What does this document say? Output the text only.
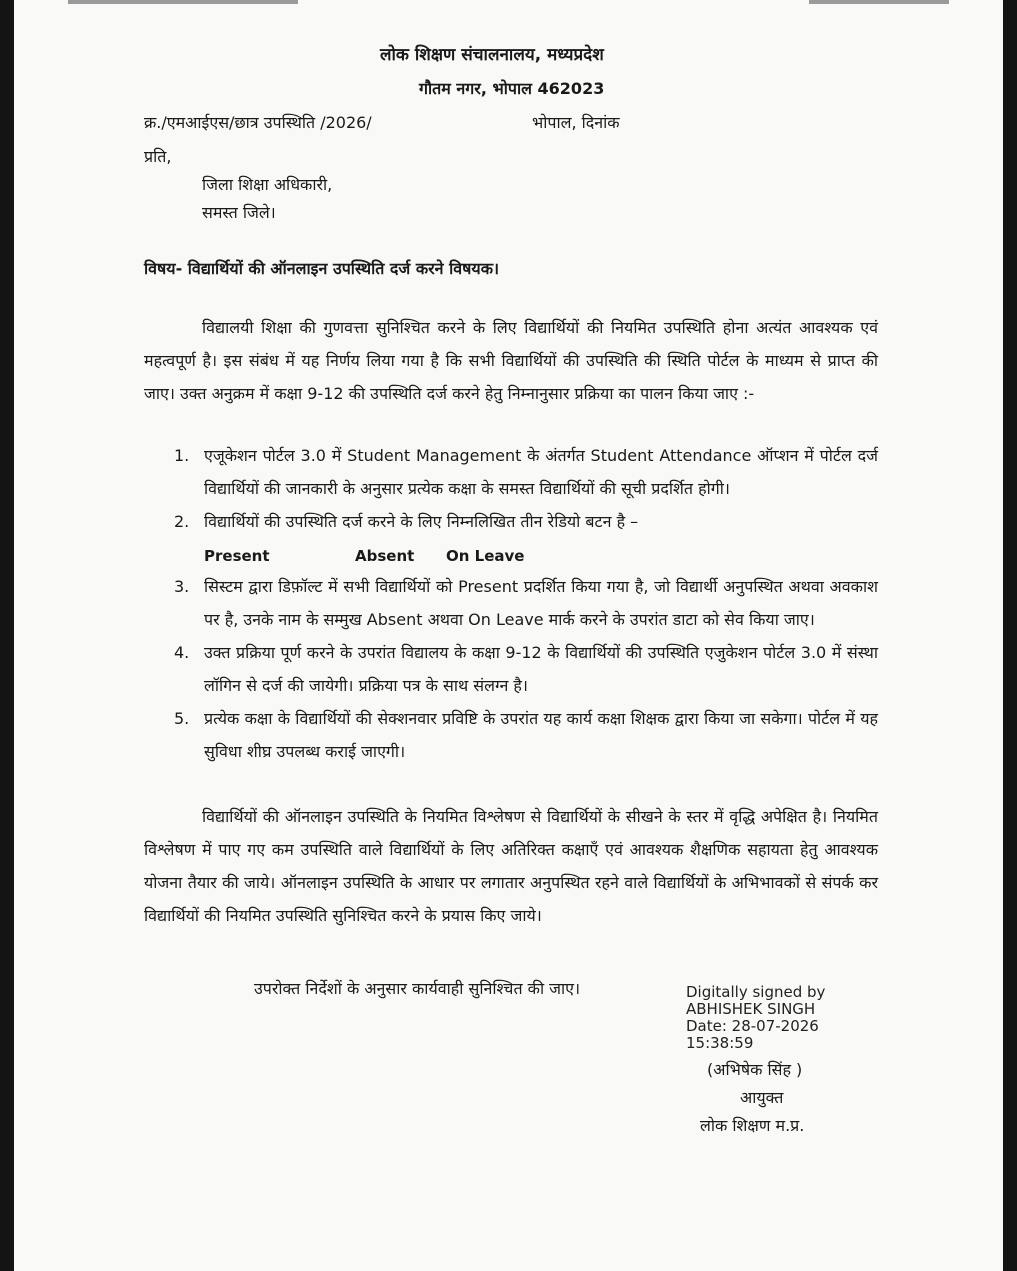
लोक शिक्षण संचालनालय, मध्यप्रदेश
गौतम नगर, भोपाल 462023
क्र./एमआईएस/छात्र उपस्थिति /2026/	भोपाल, दिनांक
प्रति,
जिला शिक्षा अधिकारी,
समस्त जिले।
विषय- विद्यार्थियों की ऑनलाइन उपस्थिति दर्ज करने विषयक।

विद्यालयी शिक्षा की गुणवत्ता सुनिश्चित करने के लिए विद्यार्थियों की नियमित उपस्थिति होना अत्यंत आवश्यक एवं महत्वपूर्ण है। इस संबंध में यह निर्णय लिया गया है कि सभी विद्यार्थियों की उपस्थिति की स्थिति पोर्टल के माध्यम से प्राप्त की जाए। उक्त अनुक्रम में कक्षा 9-12 की उपस्थिति दर्ज करने हेतु निम्नानुसार प्रक्रिया का पालन किया जाए :-

1. एजूकेशन पोर्टल 3.0 में Student Management के अंतर्गत Student Attendance ऑप्शन में पोर्टल दर्ज विद्यार्थियों की जानकारी के अनुसार प्रत्येक कक्षा के समस्त विद्यार्थियों की सूची प्रदर्शित होगी।
2. विद्यार्थियों की उपस्थिति दर्ज करने के लिए निम्नलिखित तीन रेडियो बटन है –
Present	Absent On Leave
3. सिस्टम द्वारा डिफ़ॉल्ट में सभी विद्यार्थियों को Present प्रदर्शित किया गया है, जो विद्यार्थी अनुपस्थित अथवा अवकाश पर है, उनके नाम के सम्मुख Absent अथवा On Leave मार्क करने के उपरांत डाटा को सेव किया जाए।
4. उक्त प्रक्रिया पूर्ण करने के उपरांत विद्यालय के कक्षा 9-12 के विद्यार्थियों की उपस्थिति एजुकेशन पोर्टल 3.0 में संस्था लॉगिन से दर्ज की जायेगी। प्रक्रिया पत्र के साथ संलग्न है।
5. प्रत्येक कक्षा के विद्यार्थियों की सेक्शनवार प्रविष्टि के उपरांत यह कार्य कक्षा शिक्षक द्वारा किया जा सकेगा। पोर्टल में यह सुविधा शीघ्र उपलब्ध कराई जाएगी।

विद्यार्थियों की ऑनलाइन उपस्थिति के नियमित विश्लेषण से विद्यार्थियों के सीखने के स्तर में वृद्धि अपेक्षित है। नियमित विश्लेषण में पाए गए कम उपस्थिति वाले विद्यार्थियों के लिए अतिरिक्त कक्षाएँ एवं आवश्यक शैक्षणिक सहायता हेतु आवश्यक योजना तैयार की जाये। ऑनलाइन उपस्थिति के आधार पर लगातार अनुपस्थित रहने वाले विद्यार्थियों के अभिभावकों से संपर्क कर विद्यार्थियों की नियमित उपस्थिति सुनिश्चित करने के प्रयास किए जाये।

उपरोक्त निर्देशों के अनुसार कार्यवाही सुनिश्चित की जाए।	Digitally signed by
ABHISHEK SINGH
Date: 28-07-2026
15:38:59
(अभिषेक सिंह )
आयुक्त
लोक शिक्षण म.प्र.
